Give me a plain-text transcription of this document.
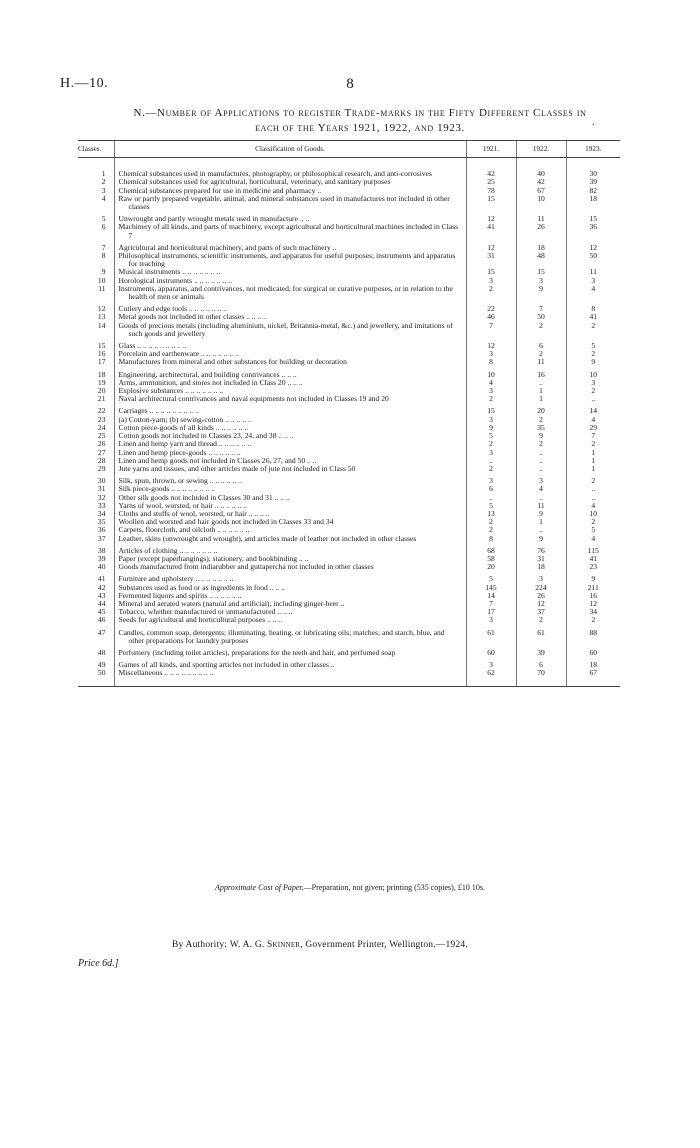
H.—10.	8
N.—Number of Applications to register Trade-marks in the Fifty Different Classes in
each of the Years 1921, 1922, and 1923.	.
Classes.	Classification of Goods.	1921.	1922.	1923.

1	Chemical substances used in manufactures, photography, or philosophical research, and anti-corrosives	42	40	30
2	Chemical substances used for agricultural, horticultural, veterinary, and sanitary purposes	25	42	39
3	Chemical substances prepared for use in medicine and pharmacy ..	78	67	82
4	Raw or partly prepared vegetable, animal, and mineral substances used in manufactures not included in other classes	15	10	18
5	Unwrought and partly wrought metals used in manufacture .. ..	12	11	15
6	Machinery of all kinds, and parts of machinery, except agricultural and horticultural machines included in Class 7	41	26	36
7	Agricultural and horticultural machinery, and parts of such machinery ..	12	18	12
8	Philosophical instruments, scientific instruments, and apparatus for useful purposes; instruments and apparatus for teaching	31	48	50
9	Musical instruments .. .. .. .. .. .. ..	15	15	11
10	Horological instruments .. .. .. .. .. .. ..	3	3	3
11	Instruments, apparatus, and contrivances, not medicated, for surgical or curative purposes, or in relation to the health of men or animals	2	9	4
12	Cutlery and edge tools .. .. .. .. .. .. ..	22	7	8
13	Metal goods not included in other classes .. .. .. ..	46	50	41
14	Goods of precious metals (including aluminium, nickel, Britannia-metal, &c.) and jewellery, and imitations of such goods and jewellery	7	2	2
15	Glass .. .. .. .. .. .. .. .. ..	12	6	5
16	Porcelain and earthenware .. .. .. .. .. .. ..	3	2	2
17	Manufactures from mineral and other substances for building or decoration	8	11	9
18	Engineering, architectural, and building contrivances .. .. ..	10	16	10
19	Arms, ammunition, and stores not included in Class 20 .. .. ..	4	..	3
20	Explosive substances .. .. .. .. .. .. ..	3	1	2
21	Naval architectural contrivances and naval equipments not included in Classes 19 and 20	2	1	..
22	Carriages .. .. .. .. .. .. .. .. ..	15	20	14
23	(a) Cotton-yarn; (b) sewing-cotton .. .. .. .. ..	3	2	4
24	Cotton piece-goods of all kinds .. .. .. .. .. ..	9	35	29
25	Cotton goods not included in Classes 23, 24, and 38 .. .. ..	5	9	7
26	Linen and hemp yarn and thread .. .. .. .. .. ..	2	2	2
27	Linen and hemp piece-goods .. .. .. .. .. ..	3	..	1
28	Linen and hemp goods not included in Classes 26, 27, and 50 .. ..	..	..	1
29	Jute yarns and tissues, and other articles made of jute not included in Class 50	2	..	1
30	Silk, spun, thrown, or sewing .. .. .. .. .. ..	3	3	2
31	Silk piece-goods .. .. .. .. .. .. .. ..	6	4	..
32	Other silk goods not included in Classes 30 and 31 .. .. ..	..	..	..
33	Yarns of wool, worsted, or hair .. .. .. .. .. ..	5	11	4
34	Cloths and stuffs of wool, worsted, or hair .. .. .. ..	13	9	10
35	Woollen and worsted and hair goods not included in Classes 33 and 34	2	1	2
36	Carpets, floorcloth, and oilcloth .. .. .. .. .. ..	2	..	5
37	Leather, skins (unwrought and wrought), and articles made of leather not included in other classes	8	9	4
38	Articles of clothing .. .. .. .. .. .. ..	68	76	115
39	Paper (except paperhangings), stationery, and bookbinding .. ..	58	31	41
40	Goods manufactured from indiarubber and guttapercha not included in other classes	20	18	23
41	Furniture and upholstery .. .. .. .. .. .. ..	5	3	9
42	Substances used as food or as ingredients in food .. .. ..	145	224	211
43	Fermented liquors and spirits .. .. .. .. .. ..	14	26	16
44	Mineral and aerated waters (natural and artificial), including ginger-beer ..	7	12	12
45	Tobacco, whether manufactured or unmanufactured .. .. ..	17	37	34
46	Seeds for agricultural and horticultural purposes .. .. ..	3	2	2
47	Candles, common soap, detergents; illuminating, heating, or lubricating oils; matches; and starch, blue, and other preparations for laundry purposes	61	61	88
48	Perfumery (including toilet articles), preparations for the teeth and hair, and perfumed soap	60	39	60
49	Games of all kinds, and sporting articles not included in other classes ..	3	6	18
50	Miscellaneous .. .. .. .. .. .. .. .. ..	62	70	67

Approximate Cost of Paper.—Preparation, not given; printing (535 copies), £10 10s.
By Authority: W. A. G. Skinner, Government Printer, Wellington.—1924.
Price 6d.]
